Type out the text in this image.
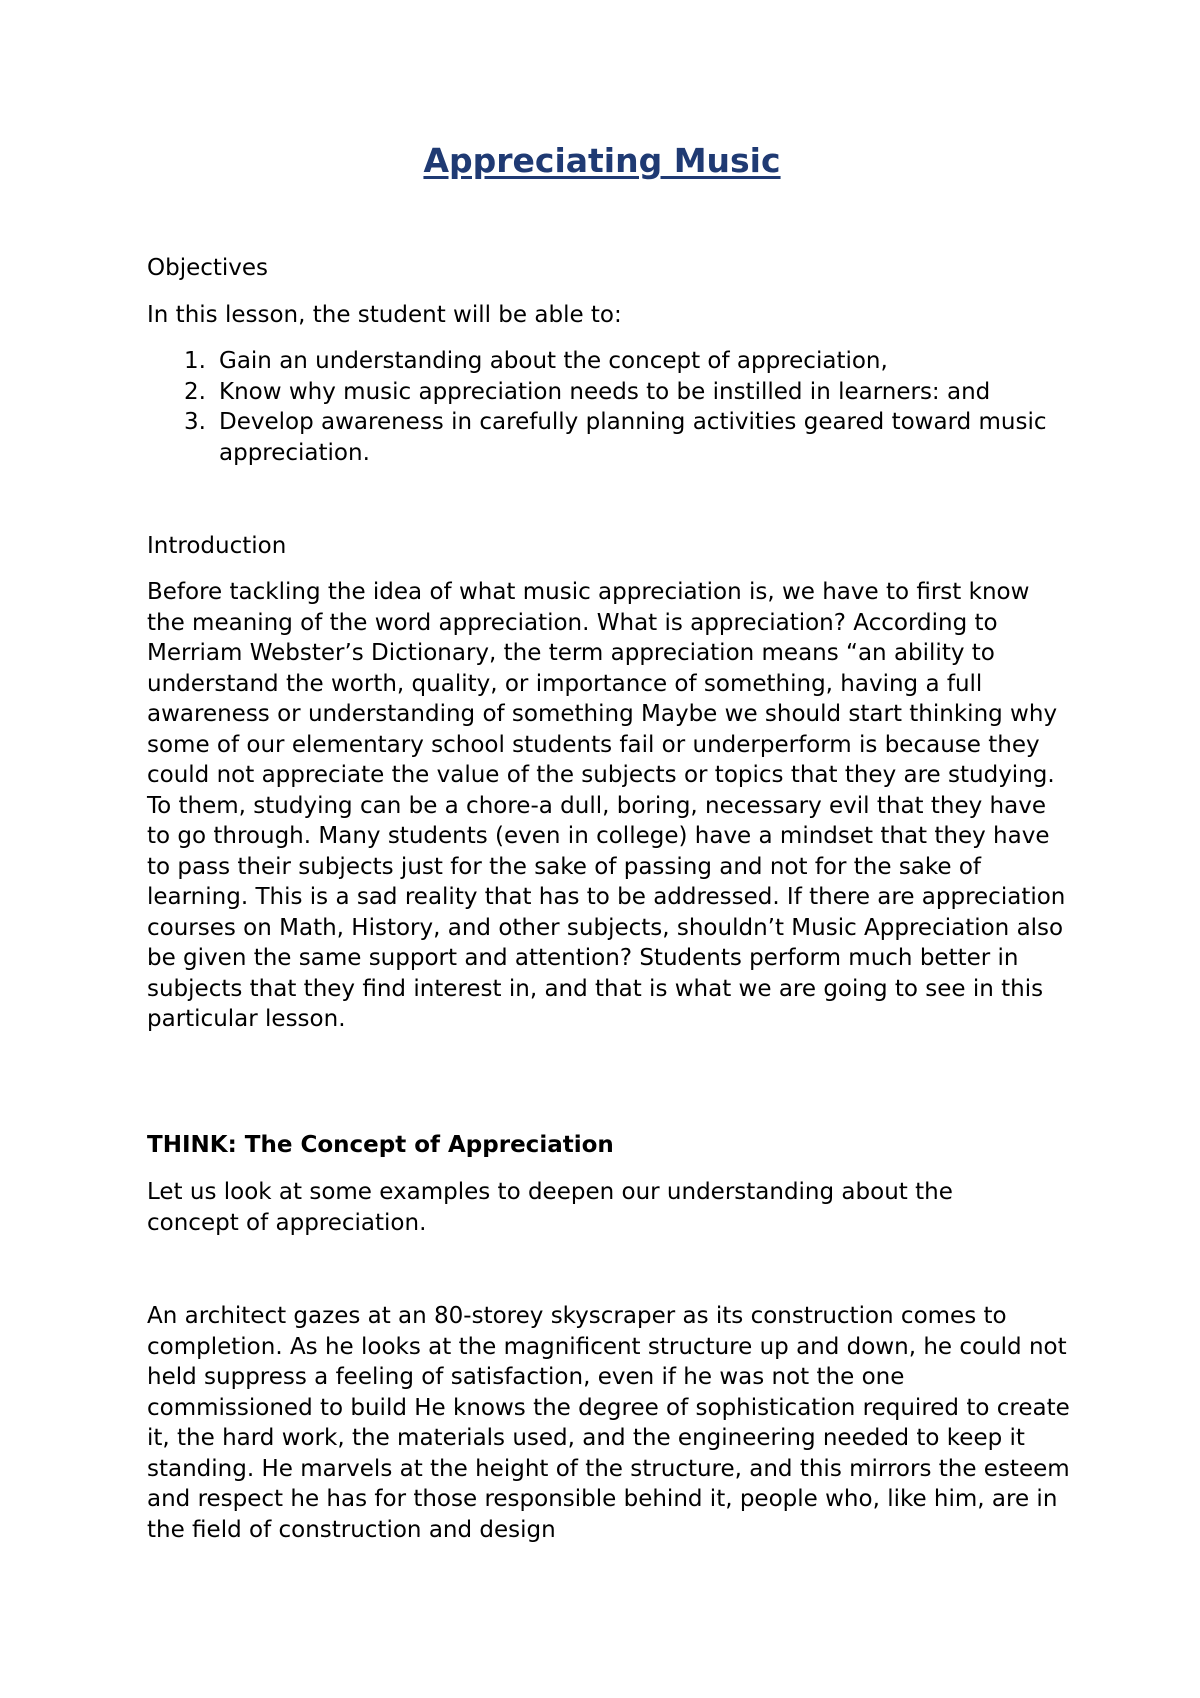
Appreciating Music

Objectives

In this lesson, the student will be able to:

1. Gain an understanding about the concept of appreciation,
2. Know why music appreciation needs to be instilled in learners: and
3. Develop awareness in carefully planning activities geared toward music appreciation.

Introduction

Before tackling the idea of what music appreciation is, we have to first know the meaning of the word appreciation. What is appreciation? According to Merriam Webster’s Dictionary, the term appreciation means “an ability to understand the worth, quality, or importance of something, having a full awareness or understanding of something Maybe we should start thinking why some of our elementary school students fail or underperform is because they could not appreciate the value of the subjects or topics that they are studying. To them, studying can be a chore-a dull, boring, necessary evil that they have to go through. Many students (even in college) have a mindset that they have to pass their subjects just for the sake of passing and not for the sake of learning. This is a sad reality that has to be addressed. If there are appreciation courses on Math, History, and other subjects, shouldn’t Music Appreciation also be given the same support and attention? Students perform much better in subjects that they find interest in, and that is what we are going to see in this particular lesson.

THINK: The Concept of Appreciation

Let us look at some examples to deepen our understanding about the concept of appreciation.

An architect gazes at an 80-storey skyscraper as its construction comes to completion. As he looks at the magnificent structure up and down, he could not held suppress a feeling of satisfaction, even if he was not the one commissioned to build He knows the degree of sophistication required to create it, the hard work, the materials used, and the engineering needed to keep it standing. He marvels at the height of the structure, and this mirrors the esteem and respect he has for those responsible behind it, people who, like him, are in the field of construction and design
